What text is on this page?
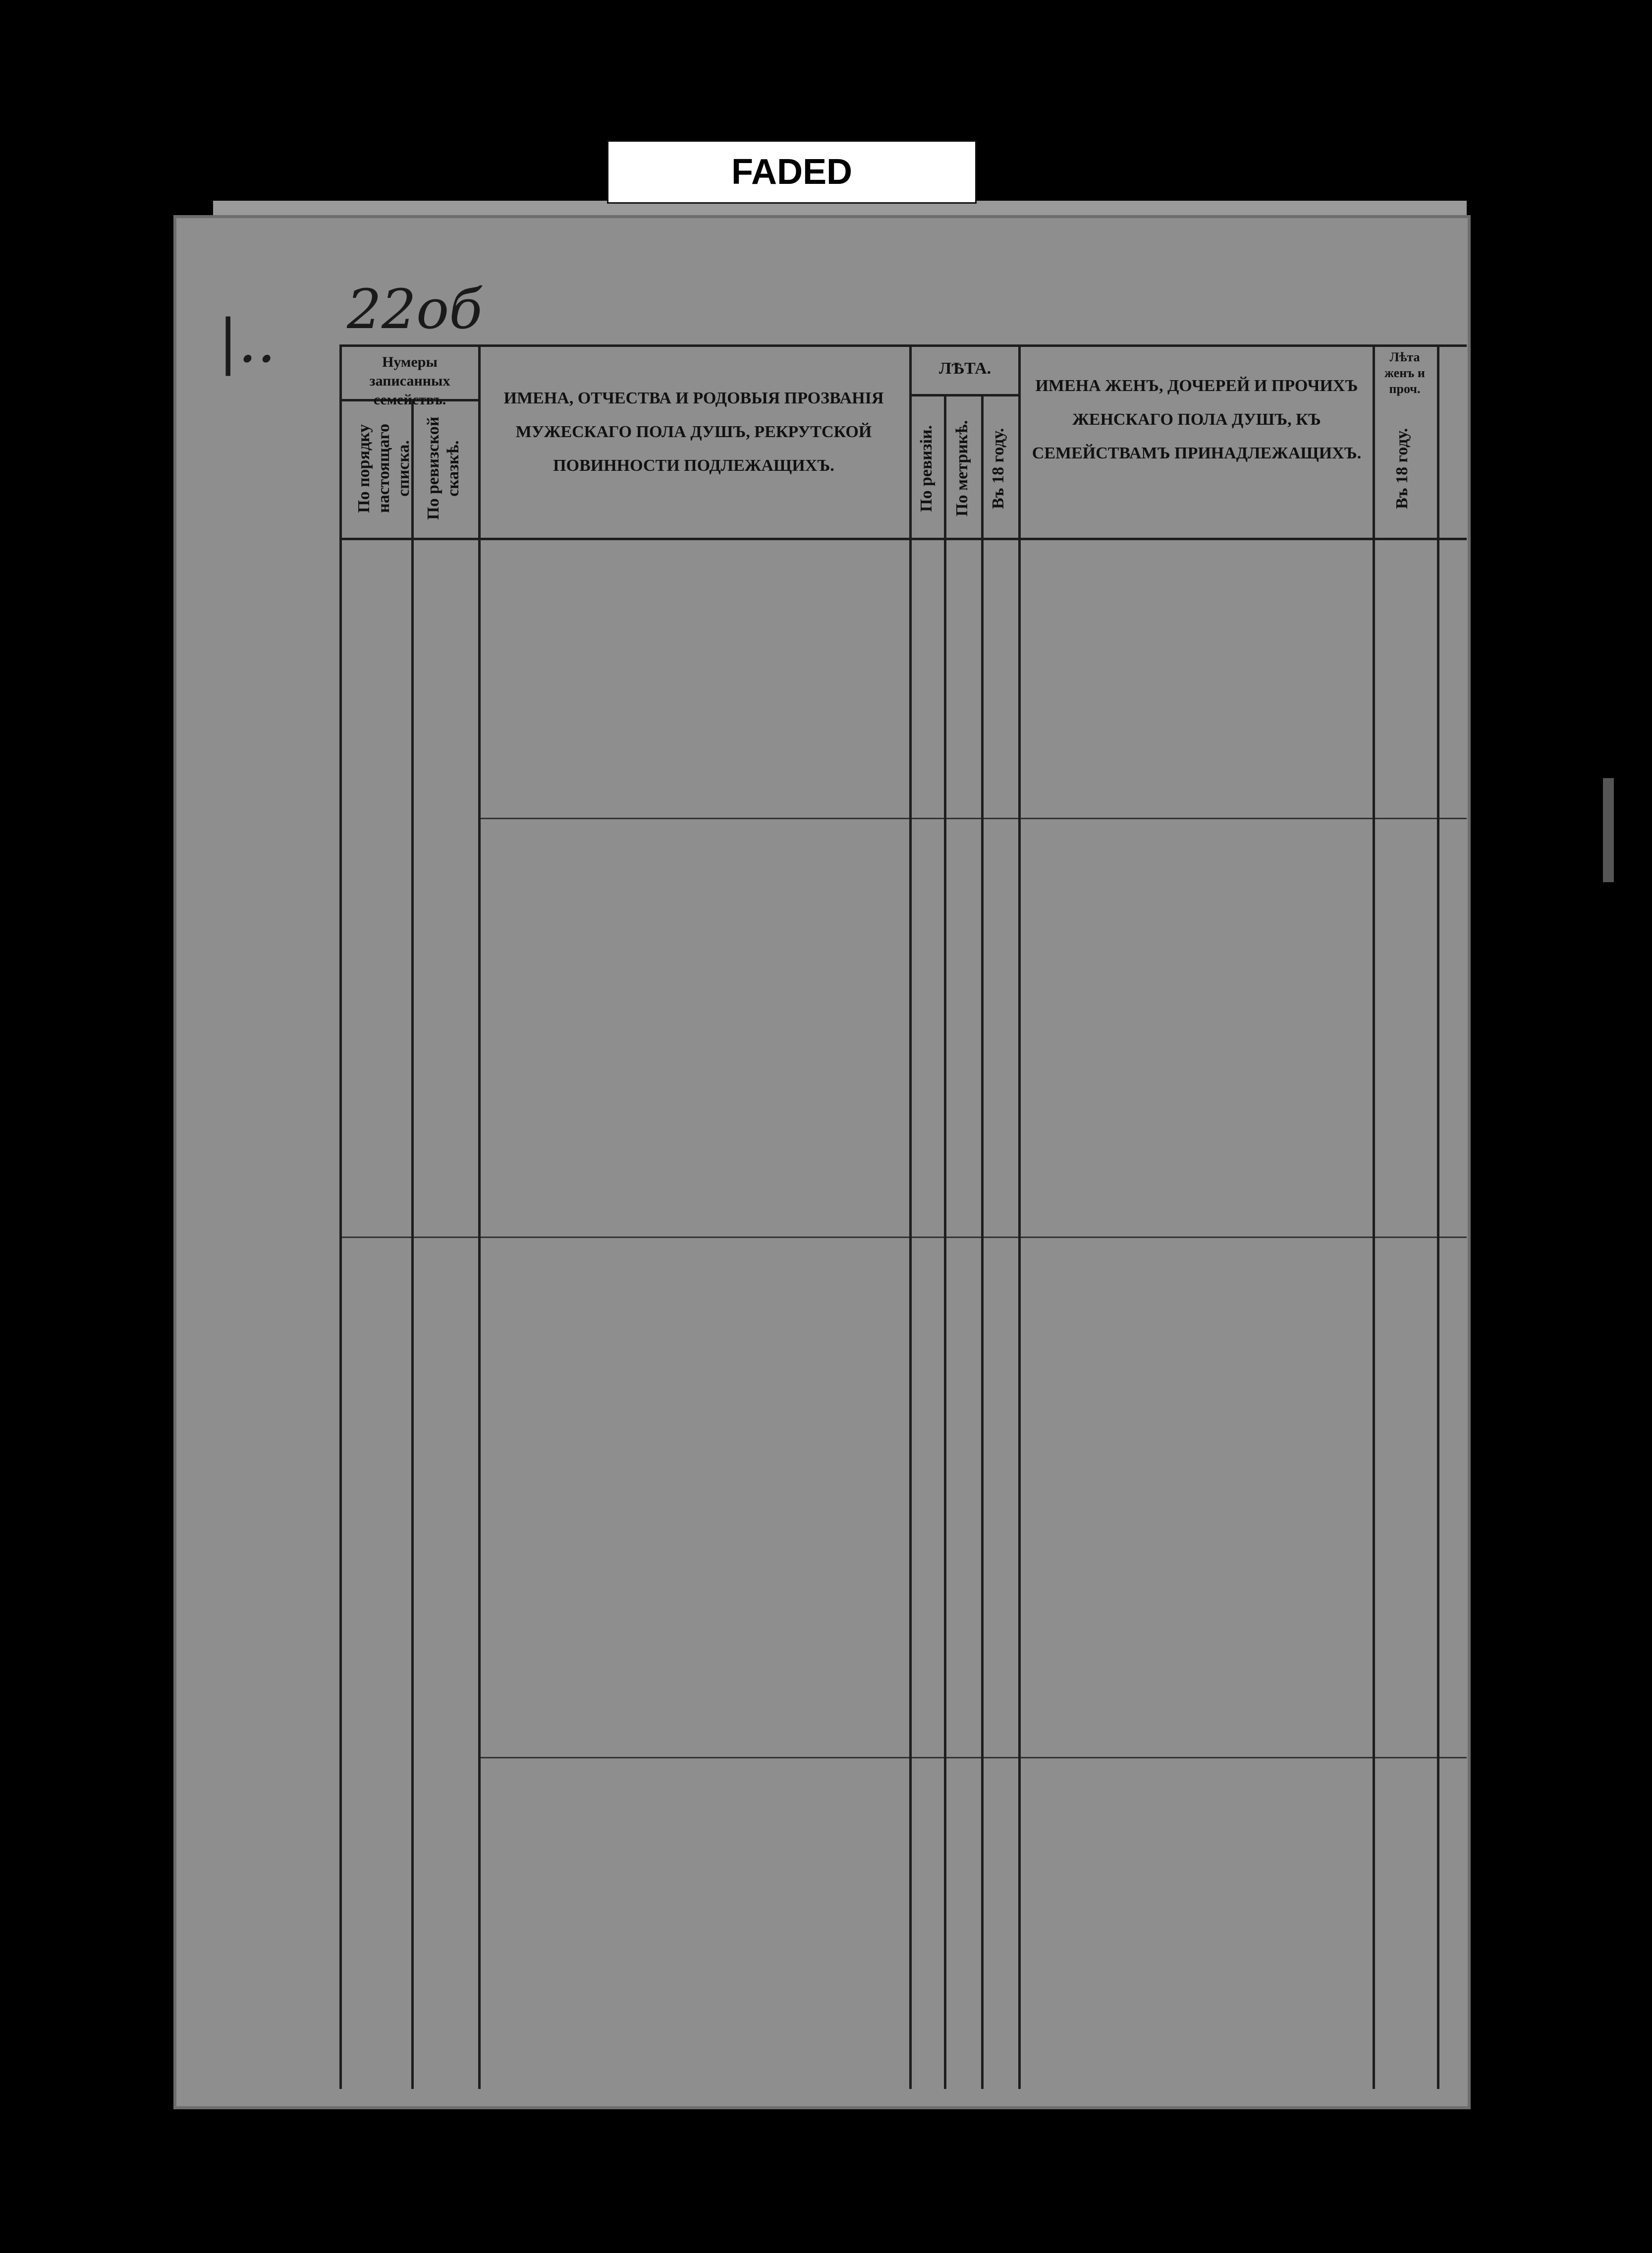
FADED
|.. 22об
Нумеры записанных семействъ.
По порядку настоящаго списка. По ревизской сказкѣ.
ИМЕНА, ОТЧЕСТВА И РОДОВЫЯ ПРОЗВАНІЯ МУЖЕСКАГО ПОЛА ДУШЪ, РЕКРУТСКОЙ ПОВИННОСТИ ПОДЛЕЖАЩИХЪ.
ЛѢТА.
По ревизіи. По метрикѣ. Въ 18 году.
ИМЕНА ЖЕНЪ, ДОЧЕРЕЙ И ПРОЧИХЪ ЖЕНСКАГО ПОЛА ДУШЪ, КЪ СЕМЕЙСТВАМЪ ПРИНАДЛЕЖАЩИХЪ.
Лѣта женъ и проч.
Въ 18 году.
